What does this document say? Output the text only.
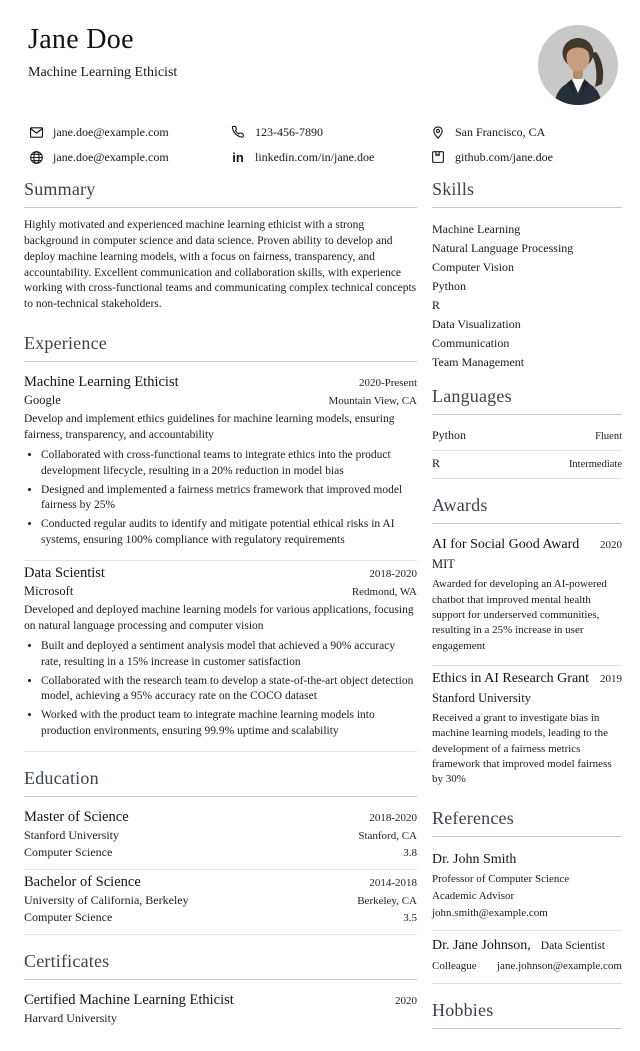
Jane Doe
Machine Learning Ethicist
jane.doe@example.com	123-456-7890	San Francisco, CA
jane.doe@example.com	in linkedin.com/in/jane.doe	github.com/jane.doe
Summary

Highly motivated and experienced machine learning ethicist with a strong background in computer science and data science. Proven ability to develop and deploy machine learning models, with a focus on fairness, transparency, and accountability. Excellent communication and collaboration skills, with experience working with cross-functional teams and communicating complex technical concepts to non-technical stakeholders.

Experience
Machine Learning Ethicist	2020-Present
Google	Mountain View, CA

Develop and implement ethics guidelines for machine learning models, ensuring fairness, transparency, and accountability

• Collaborated with cross-functional teams to integrate ethics into the product development lifecycle, resulting in a 20% reduction in model bias
• Designed and implemented a fairness metrics framework that improved model fairness by 25%
• Conducted regular audits to identify and mitigate potential ethical risks in AI systems, ensuring 100% compliance with regulatory requirements
Data Scientist	2018-2020
Microsoft	Redmond, WA

Developed and deployed machine learning models for various applications, focusing on natural language processing and computer vision

• Built and deployed a sentiment analysis model that achieved a 90% accuracy rate, resulting in a 15% increase in customer satisfaction
• Collaborated with the research team to develop a state-of-the-art object detection model, achieving a 95% accuracy rate on the COCO dataset
• Worked with the product team to integrate machine learning models into production environments, ensuring 99.9% uptime and scalability
Education
Master of Science	2018-2020
Stanford University	Stanford, CA
Computer Science	3.8
Bachelor of Science	2014-2018
University of California, Berkeley	Berkeley, CA
Computer Science	3.5
Certificates
Certified Machine Learning Ethicist	2020
Harvard University
Skills
Machine Learning
Natural Language Processing
Computer Vision
Python
R
Data Visualization
Communication
Team Management
Languages
Python	Fluent
R	Intermediate
Awards
AI for Social Good Award 2020
MIT

Awarded for developing an AI-powered chatbot that improved mental health support for underserved communities, resulting in a 25% increase in user engagement

Ethics in AI Research Grant 2019
Stanford University

Received a grant to investigate bias in machine learning models, leading to the development of a fairness metrics framework that improved model fairness by 30%

References
Dr. John Smith
Professor of Computer Science
Academic Advisor
john.smith@example.com
Dr. Jane Johnson, Data Scientist
Colleague jane.johnson@example.com
Hobbies
